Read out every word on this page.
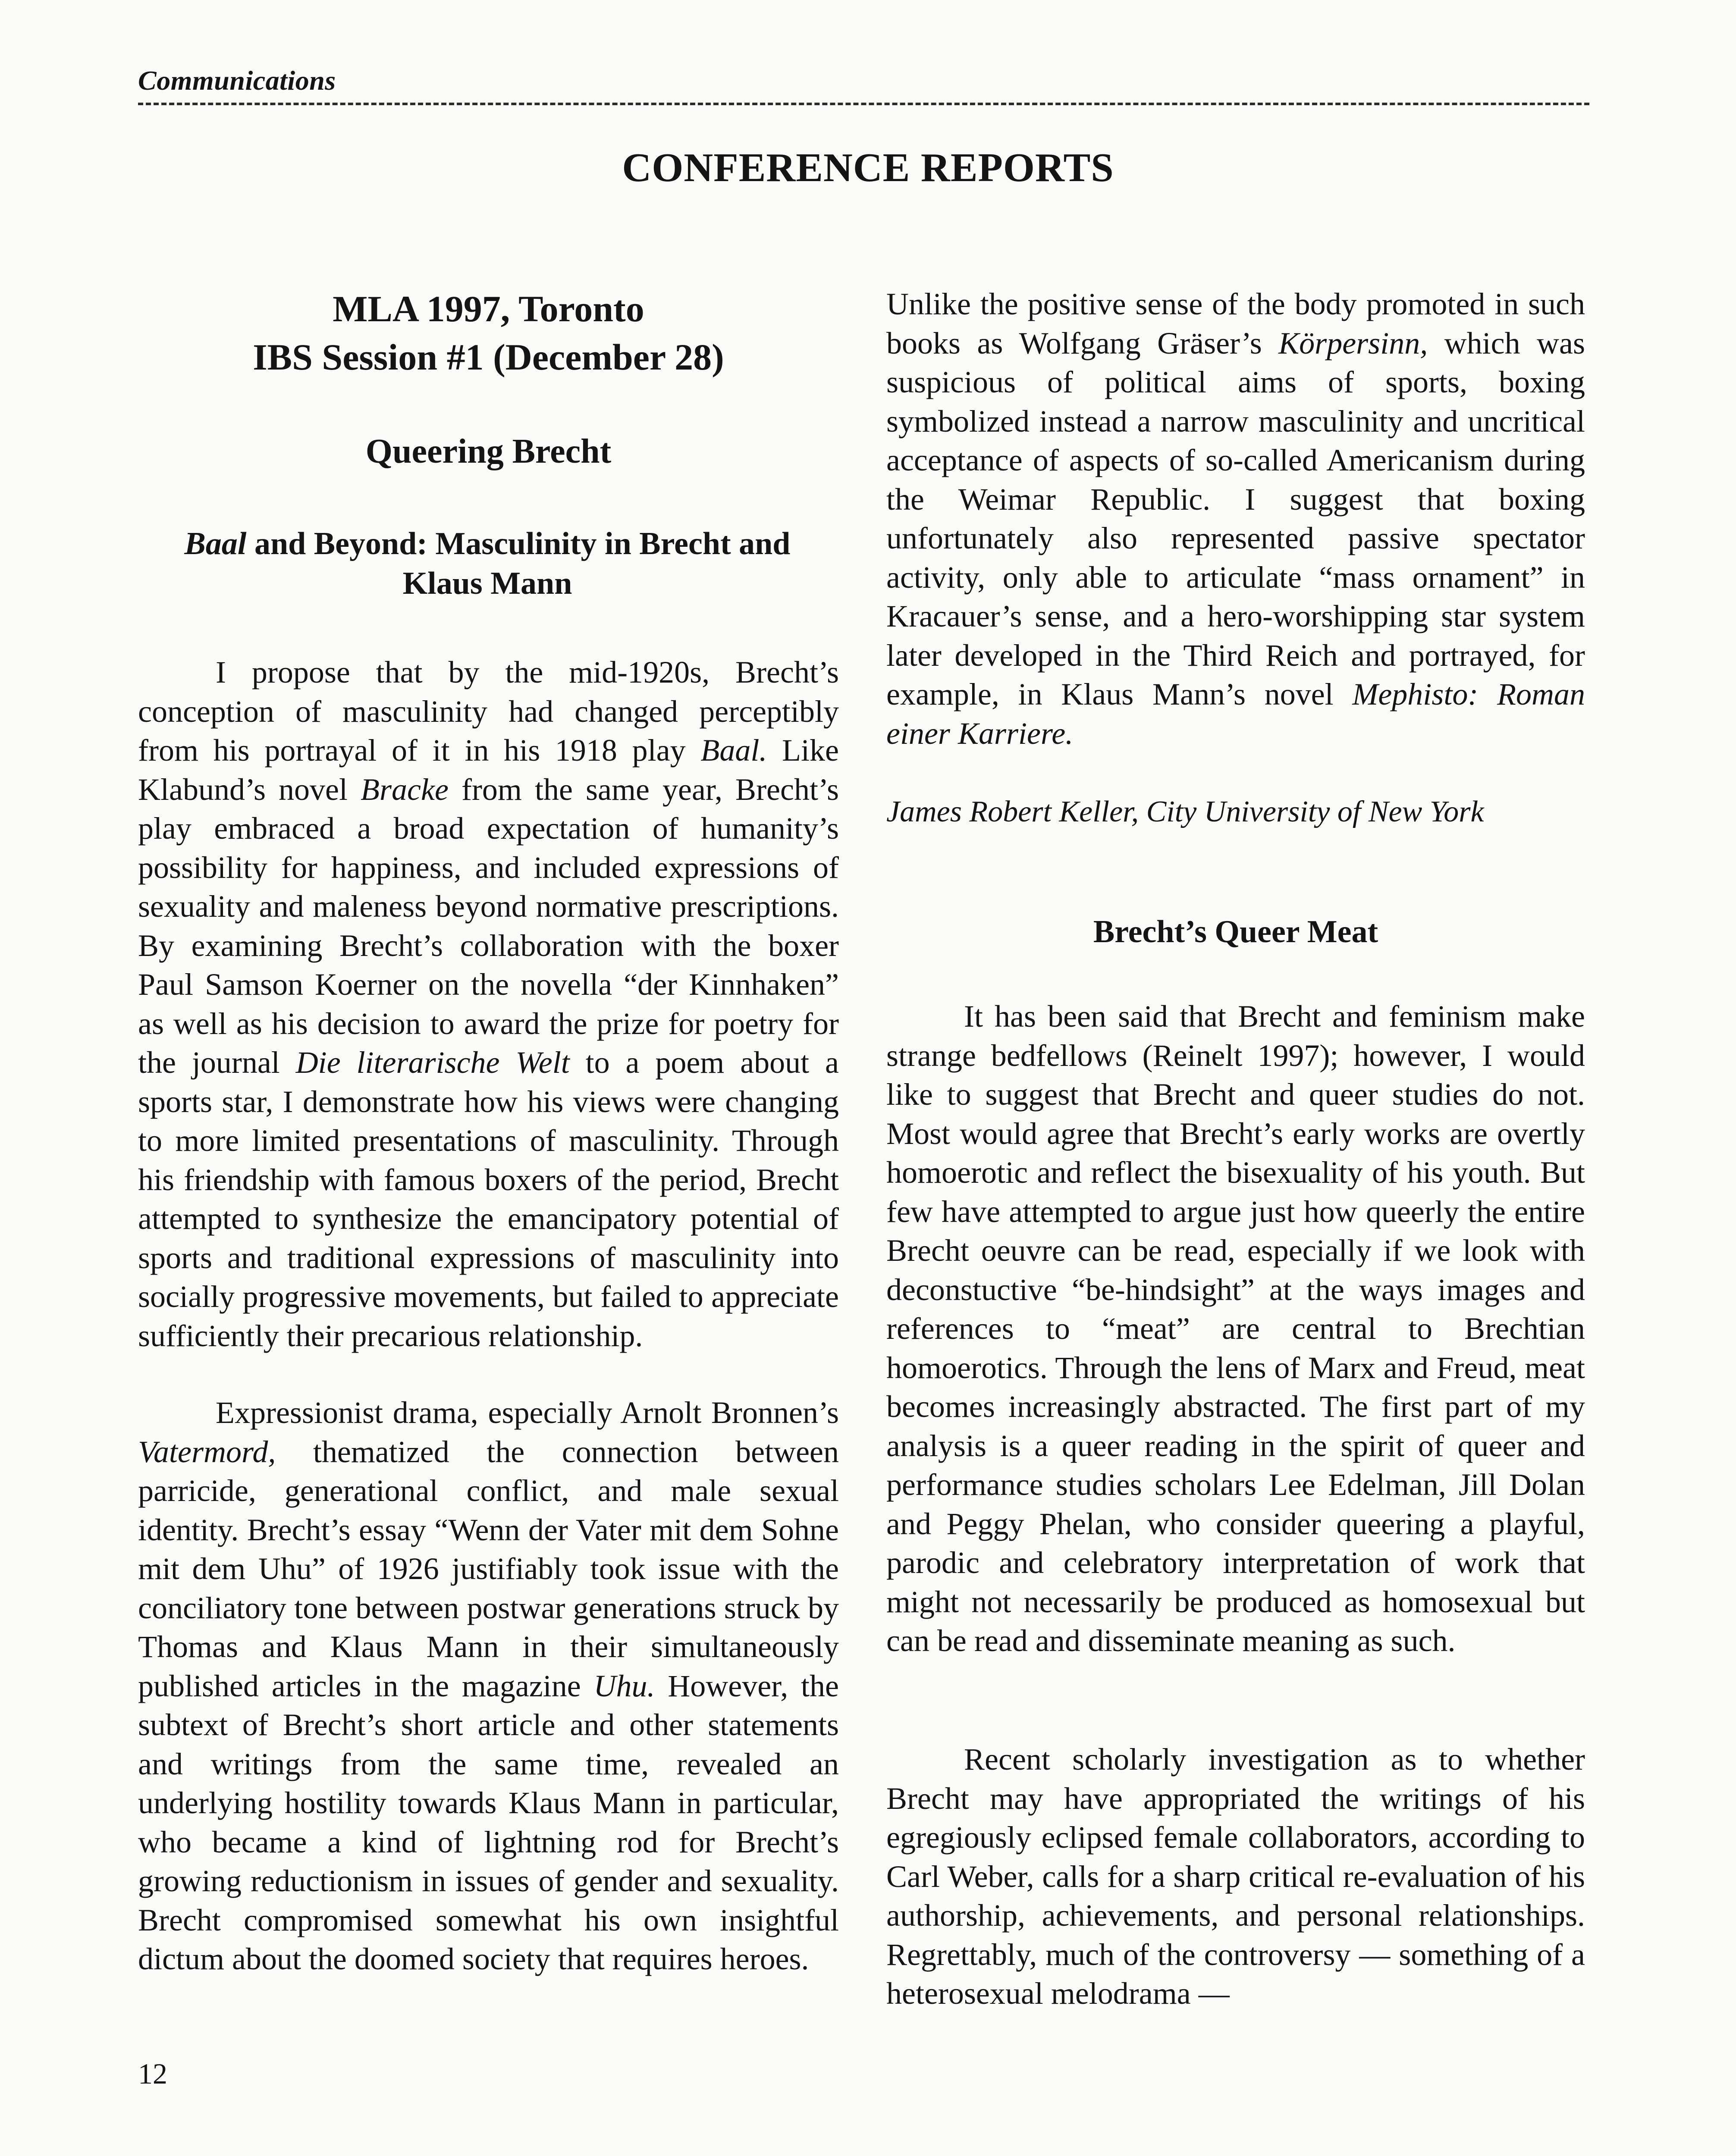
Communications
CONFERENCE REPORTS
MLA 1997, Toronto
IBS Session #1 (December 28)
Queering Brecht
Baal and Beyond: Masculinity in Brecht and Klaus Mann

I propose that by the mid-1920s, Brecht’s conception of masculinity had changed perceptibly from his portrayal of it in his 1918 play Baal. Like Klabund’s novel Bracke from the same year, Brecht’s play embraced a broad expectation of humanity’s possibility for happiness, and included expressions of sexuality and maleness beyond normative prescriptions. By examining Brecht’s collaboration with the boxer Paul Samson Koerner on the novella “der Kinnhaken” as well as his decision to award the prize for poetry for the journal Die literarische Welt to a poem about a sports star, I demonstrate how his views were changing to more limited presentations of masculinity. Through his friendship with famous boxers of the period, Brecht attempted to synthesize the emancipatory potential of sports and traditional expressions of masculinity into socially progressive movements, but failed to appreciate sufficiently their precarious relationship.

Expressionist drama, especially Arnolt Bronnen’s Vatermord, thematized the connection between parricide, generational conflict, and male sexual identity. Brecht’s essay “Wenn der Vater mit dem Sohne mit dem Uhu” of 1926 justifiably took issue with the conciliatory tone between postwar generations struck by Thomas and Klaus Mann in their simultaneously published articles in the magazine Uhu. However, the subtext of Brecht’s short article and other statements and writings from the same time, revealed an underlying hostility towards Klaus Mann in particular, who became a kind of lightning rod for Brecht’s growing reductionism in issues of gender and sexuality. Brecht compromised somewhat his own insightful dictum about the doomed society that requires heroes.

Unlike the positive sense of the body promoted in such books as Wolfgang Gräser’s Körpersinn, which was suspicious of political aims of sports, boxing symbolized instead a narrow masculinity and uncritical acceptance of aspects of so-called Americanism during the Weimar Republic. I suggest that boxing unfortunately also represented passive spectator activity, only able to articulate “mass ornament” in Kracauer’s sense, and a hero-worshipping star system later developed in the Third Reich and portrayed, for example, in Klaus Mann’s novel Mephisto: Roman einer Karriere.

James Robert Keller, City University of New York
Brecht’s Queer Meat

It has been said that Brecht and feminism make strange bedfellows (Reinelt 1997); however, I would like to suggest that Brecht and queer studies do not. Most would agree that Brecht’s early works are overtly homoerotic and reflect the bisexuality of his youth. But few have attempted to argue just how queerly the entire Brecht oeuvre can be read, especially if we look with deconstuctive “be-hindsight” at the ways images and references to “meat” are central to Brechtian homoerotics. Through the lens of Marx and Freud, meat becomes increasingly abstracted. The first part of my analysis is a queer reading in the spirit of queer and performance studies scholars Lee Edelman, Jill Dolan and Peggy Phelan, who consider queering a playful, parodic and celebratory interpretation of work that might not necessarily be produced as homosexual but can be read and disseminate meaning as such.

Recent scholarly investigation as to whether Brecht may have appropriated the writings of his egregiously eclipsed female collaborators, according to Carl Weber, calls for a sharp critical re-evaluation of his authorship, achievements, and personal relationships. Regrettably, much of the controversy — something of a heterosexual melodrama —

12
